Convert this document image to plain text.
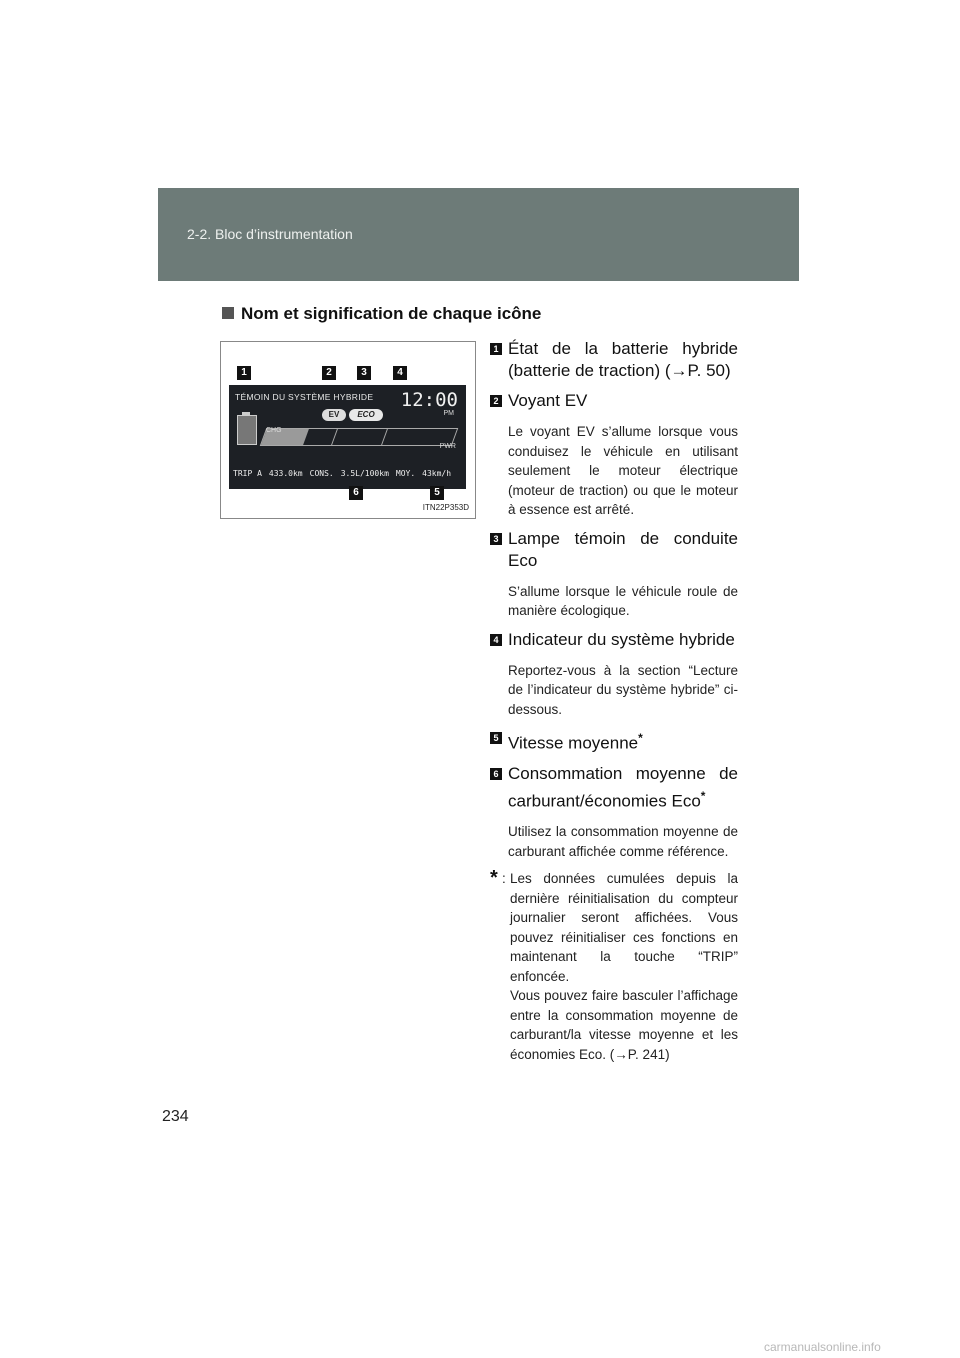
2-2. Bloc d’instrumentation
Nom et signification de chaque icône
1	2	3	4
TÉMOIN DU SYSTÈME HYBRIDE 12:00
PM
EV	ECO
CHG
PWR
TRIP A 433.0km CONS. 3.5L/100km MOY. 43km/h
6	5
ITN22P353D
1 État de la batterie hybride (batterie de traction) (→P. 50)
2 Voyant EV
Le voyant EV s’allume lorsque vous conduisez le véhicule en utilisant seulement le moteur électrique (moteur de traction) ou que le moteur à essence est arrêté.
3 Lampe témoin de conduite Eco
S’allume lorsque le véhicule roule de manière écologique.
4 Indicateur du système hybride
Reportez-vous à la section “Lecture de l’indicateur du système hybride” ci-dessous.
5 Vitesse moyenne*
6 Consommation moyenne de carburant/économies Eco*
Utilisez la consommation moyenne de carburant affichée comme référence.
* : Les données cumulées depuis la dernière réinitialisation du compteur journalier seront affichées. Vous pouvez réinitialiser ces fonctions en maintenant la touche “TRIP” enfoncée.

Vous pouvez faire basculer l’affichage entre la consommation moyenne de carburant/la vitesse moyenne et les économies Eco. (→P. 241)

234
carmanualsonline.info
